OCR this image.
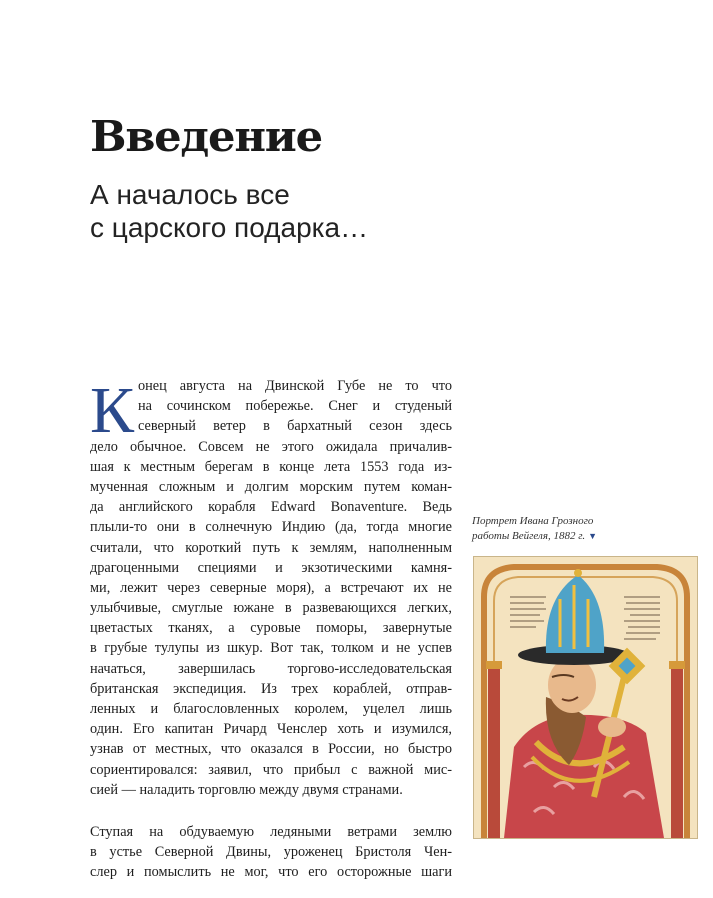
Введение
А началось все
с царского подарка…
К онец августа на Двинской Губе не то что
на сочинском побережье. Снег и студеный
северный ветер в бархатный сезон здесь
дело обычное. Совсем не этого ожидала причалив-
шая к местным берегам в конце лета 1553 года из-
мученная сложным и долгим морским путем коман-
да английского корабля Edward Bonaventure. Ведь
плыли-то они в солнечную Индию (да, тогда многие
считали, что короткий путь к землям, наполненным
драгоценными специями и экзотическими камня-
ми, лежит через северные моря), а встречают их не
улыбчивые, смуглые южане в развевающихся легких,
цветастых тканях, а суровые поморы, завернутые
в грубые тулупы из шкур. Вот так, толком и не успев
начаться, завершилась торгово-исследовательская
британская экспедиция. Из трех кораблей, отправ-
ленных и благословленных королем, уцелел лишь
один. Его капитан Ричард Ченслер хоть и изумился,
узнав от местных, что оказался в России, но быстро
сориентировался: заявил, что прибыл с важной мис-
сией — наладить торговлю между двумя странами.
Ступая на обдуваемую ледяными ветрами землю
в устье Северной Двины, уроженец Бристоля Чен-
слер и помыслить не мог, что его осторожные шаги
Портрет Ивана Грозного
работы Вейгеля, 1882 г. ▼
